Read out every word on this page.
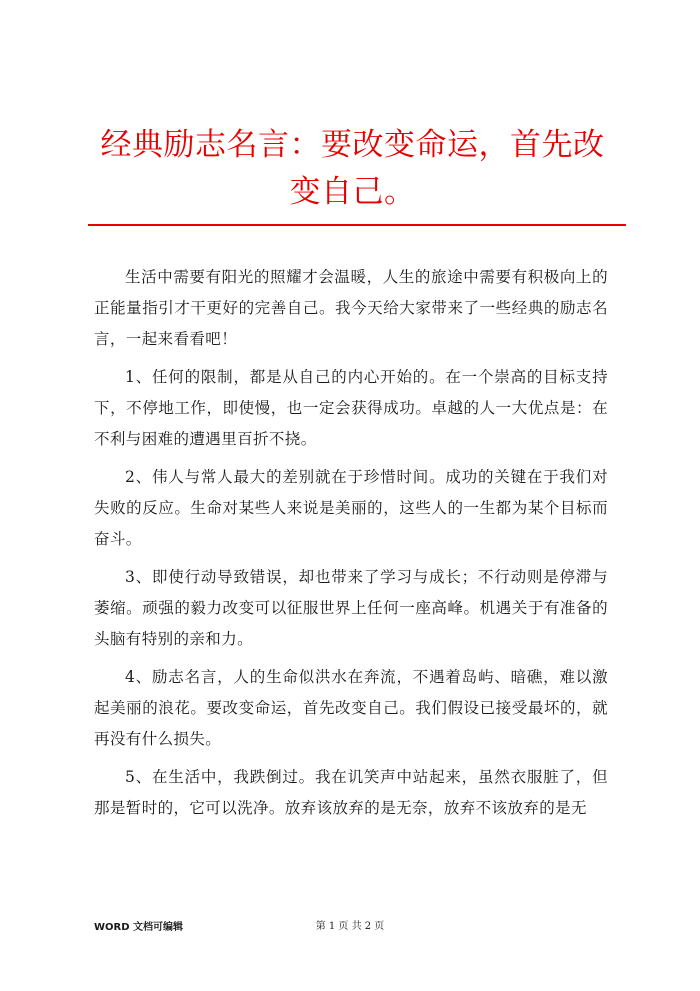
经典励志名言：要改变命运，首先改变自己。

生活中需要有阳光的照耀才会温暖，人生的旅途中需要有积极向上的正能量指引才干更好的完善自己。我今天给大家带来了一些经典的励志名言，一起来看看吧！

1、任何的限制，都是从自己的内心开始的。在一个崇高的目标支持下，不停地工作，即使慢，也一定会获得成功。卓越的人一大优点是：在不利与困难的遭遇里百折不挠。

2、伟人与常人最大的差别就在于珍惜时间。成功的关键在于我们对失败的反应。生命对某些人来说是美丽的，这些人的一生都为某个目标而奋斗。

3、即使行动导致错误，却也带来了学习与成长；不行动则是停滞与萎缩。顽强的毅力改变可以征服世界上任何一座高峰。机遇关于有准备的头脑有特别的亲和力。

4、励志名言，人的生命似洪水在奔流，不遇着岛屿、暗礁，难以激起美丽的浪花。要改变命运，首先改变自己。我们假设已接受最坏的，就再没有什么损失。

5、在生活中，我跌倒过。我在讥笑声中站起来，虽然衣服脏了，但那是暂时的，它可以洗净。放弃该放弃的是无奈，放弃不该放弃的是无

WORD 文档可编辑	第 1 页 共 2 页
